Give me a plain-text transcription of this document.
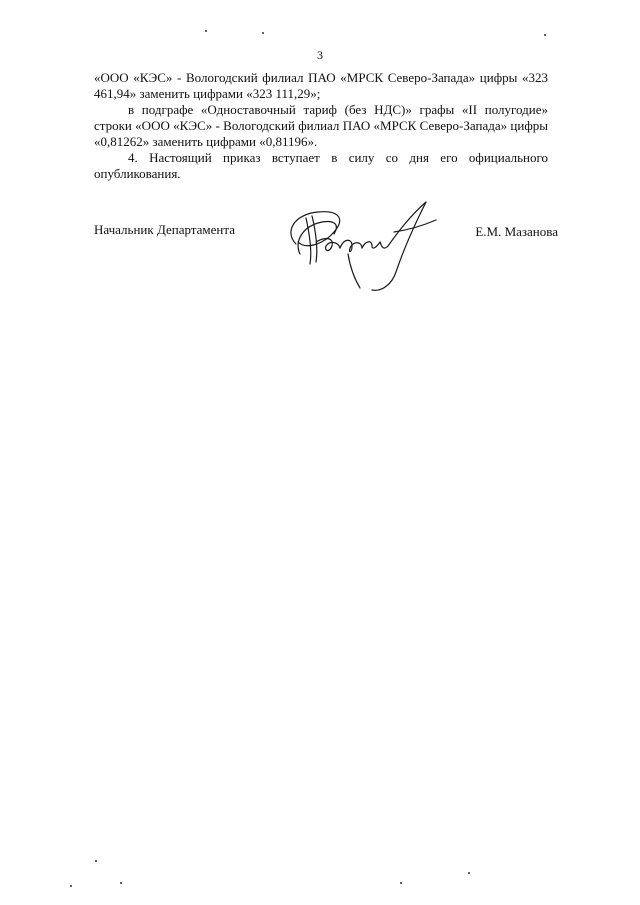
3

«ООО «КЭС» - Вологодский филиал ПАО «МРСК Северо-Запада» цифры «323 461,94» заменить цифрами «323 111,29»;

в подграфе «Одноставочный тариф (без НДС)» графы «II полугодие» строки «ООО «КЭС» - Вологодский филиал ПАО «МРСК Северо-Запада» цифры «0,81262» заменить цифрами «0,81196».

4. Настоящий приказ вступает в силу со дня его официального опубликования.

Начальник Департамента	Е.М. Мазанова
